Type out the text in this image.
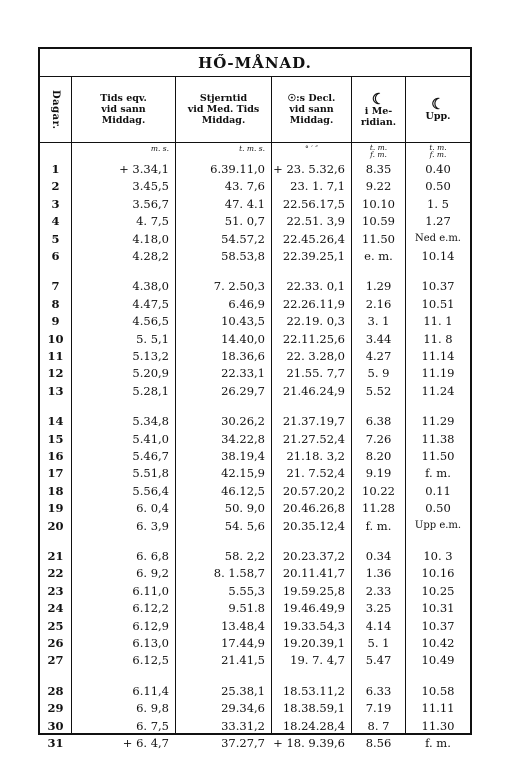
HŐ-MÅNAD.
Dagar.	Tids eqv.
vid sann
Middag.
Stjerntid
vid Med. Tids
Middag.
☉:s Decl.
vid sann
Middag.
☾
i Me-
ridian.
☾
Upp.
1
2
3
4
5
6
7
8
9
10
11
12
13
14
15
16
17
18
19
20
21
22
23
24
25
26
27
28
29
30
31
m. s.
+ 3.34,1
3.45,5
3.56,7
4. 7,5
4.18,0
4.28,2
4.38,0
4.47,5
4.56,5
5. 5,1
5.13,2
5.20,9
5.28,1
5.34,8
5.41,0
5.46,7
5.51,8
5.56,4
6. 0,4
6. 3,9
6. 6,8
6. 9,2
6.11,0
6.12,2
6.12,9
6.13,0
6.12,5
6.11,4
6. 9,8
6. 7,5
+ 6. 4,7
t. m. s.
6.39.11,0
43. 7,6
47. 4.1
51. 0,7
54.57,2
58.53,8
7. 2.50,3
6.46,9
10.43,5
14.40,0
18.36,6
22.33,1
26.29,7
30.26,2
34.22,8
38.19,4
42.15,9
46.12,5
50. 9,0
54. 5,6
58. 2,2
8. 1.58,7
5.55,3
9.51.8
13.48,4
17.44,9
21.41,5
25.38,1
29.34,6
33.31,2
37.27,7
° ′ ″
+ 23. 5.32,6
23. 1. 7,1
22.56.17,5
22.51. 3,9
22.45.26,4
22.39.25,1
22.33. 0,1
22.26.11,9
22.19. 0,3
22.11.25,6
22. 3.28,0
21.55. 7,7
21.46.24,9
21.37.19,7
21.27.52,4
21.18. 3,2
21. 7.52,4
20.57.20,2
20.46.26,8
20.35.12,4
20.23.37,2
20.11.41,7
19.59.25,8
19.46.49,9
19.33.54,3
19.20.39,1
19. 7. 4,7
18.53.11,2
18.38.59,1
18.24.28,4
+ 18. 9.39,6
t. m.
f. m.
8.35
9.22
10.10
10.59
11.50
e. m.
1.29
2.16
3. 1
3.44
4.27
5. 9
5.52
6.38
7.26
8.20
9.19
10.22
11.28
f. m.
0.34
1.36
2.33
3.25
4.14
5. 1
5.47
6.33
7.19
8. 7
8.56
t. m.
f. m.
0.40
0.50
1. 5
1.27
Ned e.m.
10.14
10.37
10.51
11. 1
11. 8
11.14
11.19
11.24
11.29
11.38
11.50
f. m.
0.11
0.50
Upp e.m.
10. 3
10.16
10.25
10.31
10.37
10.42
10.49
10.58
11.11
11.30
f. m.
